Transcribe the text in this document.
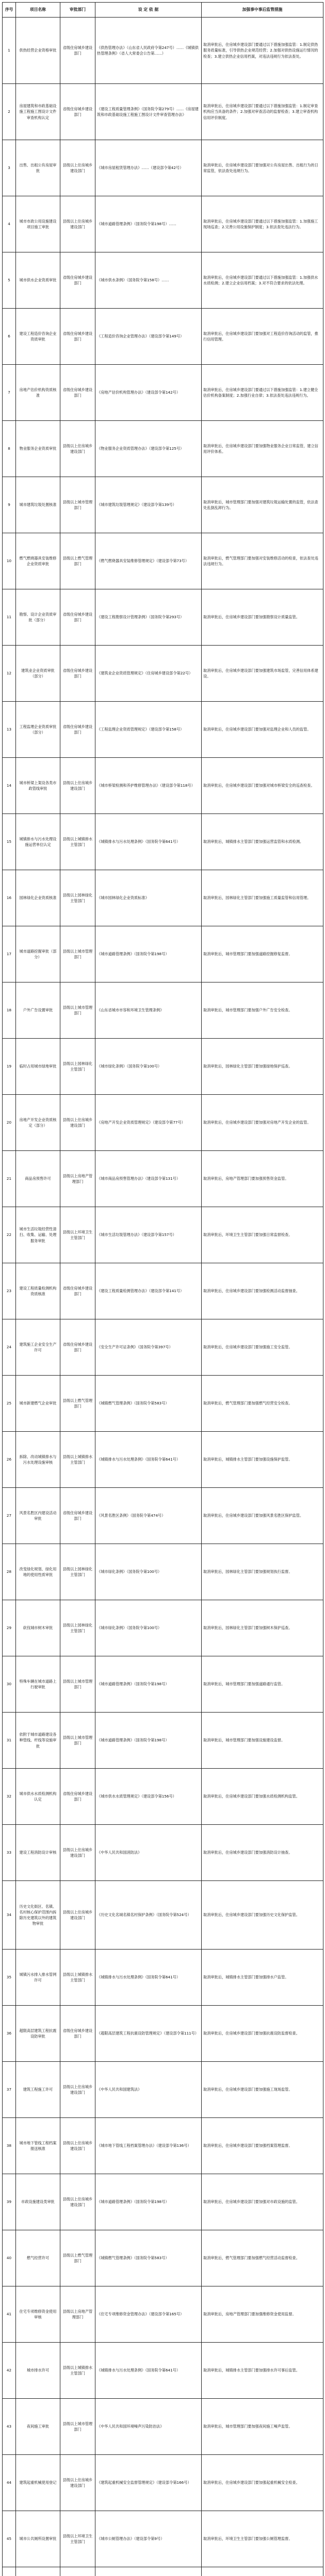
序号	项目名称	审批部门	设 定 依 据	加强事中事后监管措施
1	供热经营企业资格审批	省级住房城乡建设部门	《供热管理办法》（山东省人民政府令第247号）……《城镇供热管理条例》（省人大常委会公告第……）	取消审批后，住房城乡建设部门要通过以下措施加强监管：1.制定供热服务质量标准，引导供热企业规范经营；2.加强对供热设施运行情况的检查；3.建立供热企业信用档案，对违法违规行为依法查处。
2	房屋建筑和市政基础设施工程施工图设计文件审查机构认定	省级住房城乡建设部门	《建设工程质量管理条例》（国务院令第279号）……《房屋建筑和市政基础设施工程施工图设计文件审查管理办法》	取消审批后，住房城乡建设部门要通过以下措施加强监管：1.制定审查机构应当具备的条件；2.加强对审查活动的监督检查；3.建立审查机构信用评价制度。
3	出售、出租公有房屋审批	县级以上住房城乡建设部门	《城市房屋租赁管理办法》……（建设部令第42号）	取消审批后，住房城乡建设部门要加强对公有房屋出售、出租行为的日常监管，依法查处违规行为。
4	城市市政公用设施建设项目施工审批	县级以上住房城乡建设部门	《城市道路管理条例》（国务院令第198号）……	取消审批后，住房城乡建设部门要通过以下措施加强监管：1.加强施工现场巡查；2.完善公用设施保护制度；3.依法查处违法行为。
5	城市供水企业资质审批	省级住房城乡建设部门	《城市供水条例》（国务院令第158号）……	取消审批后，住房城乡建设部门要通过以下措施加强监管：1.加强供水水质检测；2.建立企业信用档案；3.对不符合要求的依法处理。
6	建设工程造价咨询企业资质审批	省级住房城乡建设部门	《工程造价咨询企业管理办法》（建设部令第149号）	取消审批后，住房城乡建设部门要加强对工程造价咨询活动的监管，推行信用管理。
7	房地产估价机构资质核准	省级住房城乡建设部门	《房地产估价机构管理办法》（建设部令第142号）	取消审批后，住房城乡建设部门要通过以下措施加强监管：1.建立健全估价机构备案制度；2.加强行业自律；3.依法查处违法违规行为。
8	物业服务企业资质审批	县级以上住房城乡建设部门	《物业服务企业资质管理办法》（建设部令第125号）	取消审批后，住房城乡建设部门要加强物业服务企业日常监管，建立信用评价体系。
9	城市建筑垃圾处置核准	县级以上城市管理部门	《城市建筑垃圾管理规定》（建设部令第139号）	取消审批后，城市管理部门要加强对建筑垃圾运输处置的监管，依法查处乱倒乱卸行为。
10	燃气燃烧器具安装维修企业资质审批	县级以上燃气管理部门	《燃气燃烧器具安装维修管理规定》（建设部令第73号）	取消审批后，燃气管理部门要加强对安装维修活动的检查，依法查处违法违规行为。
11	勘察、设计企业资质审批（部分）	省级住房城乡建设部门	《建设工程勘察设计管理条例》（国务院令第293号）	取消审批后，住房城乡建设部门要加强勘察设计质量监管。
12	建筑业企业资质审批（部分）	省级住房城乡建设部门	《建筑业企业资质管理规定》（住房城乡建设部令第22号）	取消审批后，住房城乡建设部门要加强建筑市场监管，完善信用体系建设。
13	工程监理企业资质审批（部分）	省级住房城乡建设部门	《工程监理企业资质管理规定》（建设部令第158号）	取消审批后，住房城乡建设部门要加强对监理企业和人员的监管。
14	城市桥梁上架设各类市政管线审批	县级以上住房城乡建设部门	《城市桥梁检测和养护维修管理办法》（建设部令第118号）	取消审批后，住房城乡建设部门要加强对城市桥梁安全的巡查检查。
15	城镇排水与污水处理设施运营单位认定	县级以上城镇排水主管部门	《城镇排水与污水处理条例》（国务院令第641号）	取消审批后，城镇排水主管部门要加强运营监管和水质检测。
16	园林绿化企业资质核准	县级以上园林绿化主管部门	《城市园林绿化企业资质标准》	取消审批后，园林绿化主管部门要加强施工质量监管和信用管理。
17	城市道路挖掘审批（部分）	县级以上城市管理部门	《城市道路管理条例》（国务院令第198号）	取消审批后，城市管理部门要加强道路挖掘修复监督。
18	户外广告设置审批	县级以上城市管理部门	《山东省城市市容和环境卫生管理条例》	取消审批后，城市管理部门要加强户外广告安全检查。
19	临时占用城市绿地审批	县级以上园林绿化主管部门	《城市绿化条例》（国务院令第100号）	取消审批后，园林绿化主管部门要加强绿地保护巡查。
20	房地产开发企业资质核定（部分）	县级以上住房城乡建设部门	《房地产开发企业资质管理规定》（建设部令第77号）	取消审批后，住房城乡建设部门要加强对房地产开发企业的监管。
21	商品房预售许可	县级以上房地产管理部门	《城市商品房预售管理办法》（建设部令第131号）	取消审批后，房地产管理部门要加强预售资金监管。
22	城市生活垃圾经营性清扫、收集、运输、处理服务审批	县级以上环境卫生主管部门	《城市生活垃圾管理办法》（建设部令第157号）	取消审批后，环境卫生主管部门要加强日常监督检查。
23	建设工程质量检测机构资质核准	省级住房城乡建设部门	《建设工程质量检测管理办法》（建设部令第141号）	取消审批后，住房城乡建设部门要加强检测活动监督抽查。
24	建筑施工企业安全生产许可	省级住房城乡建设部门	《安全生产许可证条例》（国务院令第397号）	取消审批后，住房城乡建设部门要加强施工安全监管。
25	城市新建燃气企业审批	县级以上燃气管理部门	《城镇燃气管理条例》（国务院令第583号）	取消审批后，燃气管理部门要加强燃气经营安全检查。
26	拆除、改动城镇排水与污水处理设施审核	县级以上城镇排水主管部门	《城镇排水与污水处理条例》（国务院令第641号）	取消审批后，城镇排水主管部门要加强设施保护监管。
27	风景名胜区内建设活动审批	省级住房城乡建设部门	《风景名胜区条例》（国务院令第474号）	取消审批后，住房城乡建设部门要加强风景名胜区保护监管。
28	改变绿化规划、绿化用地的使用性质审批	县级以上园林绿化主管部门	《城市绿化条例》（国务院令第100号）	取消审批后，园林绿化主管部门要加强规划执行监督。
29	砍伐城市树木审批	县级以上园林绿化主管部门	《城市绿化条例》（国务院令第100号）	取消审批后，园林绿化主管部门要加强树木保护巡查。
30	特殊车辆在城市道路上行驶审批	县级以上城市管理部门	《城市道路管理条例》（国务院令第198号）	取消审批后，城市管理部门要加强道路通行监管。
31	依附于城市道路建设各种管线、杆线等设施审批	县级以上城市管理部门	《城市道路管理条例》（国务院令第198号）	取消审批后，城市管理部门要加强设施建设监督。
32	城市供水水质检测机构认定	省级住房城乡建设部门	《城市供水水质管理规定》（建设部令第156号）	取消审批后，住房城乡建设部门要加强水质检测机构监管。
33	建设工程消防设计审核	县级以上住房城乡建设部门	《中华人民共和国消防法》	取消审批后，住房城乡建设部门要加强消防设计抽查。
34	历史文化街区、名镇、名村核心保护范围内拆除历史建筑以外的建筑物审批	县级以上住房城乡建设部门	《历史文化名城名镇名村保护条例》（国务院令第524号）	取消审批后，住房城乡建设部门要加强历史文化保护监管。
35	城镇污水排入排水管网许可	县级以上城镇排水主管部门	《城镇排水与污水处理条例》（国务院令第641号）	取消审批后，城镇排水主管部门要加强排水户监管。
36	超限高层建筑工程抗震设防审批	省级住房城乡建设部门	《超限高层建筑工程抗震设防管理规定》（建设部令第111号）	取消审批后，住房城乡建设部门要加强抗震设防监督检查。
37	建筑工程施工许可	县级以上住房城乡建设部门	《中华人民共和国建筑法》	取消审批后，住房城乡建设部门要加强施工现场监管。
38	城市地下管线工程档案报送核准	县级以上住房城乡建设部门	《城市地下管线工程档案管理办法》（建设部令第136号）	取消审批后，住房城乡建设部门要加强档案管理监督。
39	市政设施建设类审批	县级以上住房城乡建设部门	《城市道路管理条例》（国务院令第198号）	取消审批后，住房城乡建设部门要加强对市政设施的监管。
40	燃气经营许可	县级以上燃气管理部门	《城镇燃气管理条例》（国务院令第583号）	取消审批后，燃气管理部门要加强燃气经营活动监督检查。
41	住宅专项维修资金使用审核	县级以上房地产管理部门	《住宅专项维修资金管理办法》（建设部令第165号）	取消审批后，房地产管理部门要加强维修资金使用监督。
42	城市排水许可	县级以上城镇排水主管部门	《城镇排水与污水处理条例》（国务院令第641号）	取消审批后，城镇排水主管部门要加强排水许可事后监管。
43	夜间施工审批	县级以上城市管理部门	《中华人民共和国环境噪声污染防治法》	取消审批后，城市管理部门要加强夜间施工噪声监管。
44	建筑起重机械使用登记	县级以上住房城乡建设部门	《建筑起重机械安全监督管理规定》（建设部令第166号）	取消审批后，住房城乡建设部门要加强起重机械安全检查。
45	城市公共厕所设置审批	县级以上环境卫生主管部门	《城市公厕管理办法》（建设部令第9号）	取消审批后，环境卫生主管部门要加强公厕管理监督。
